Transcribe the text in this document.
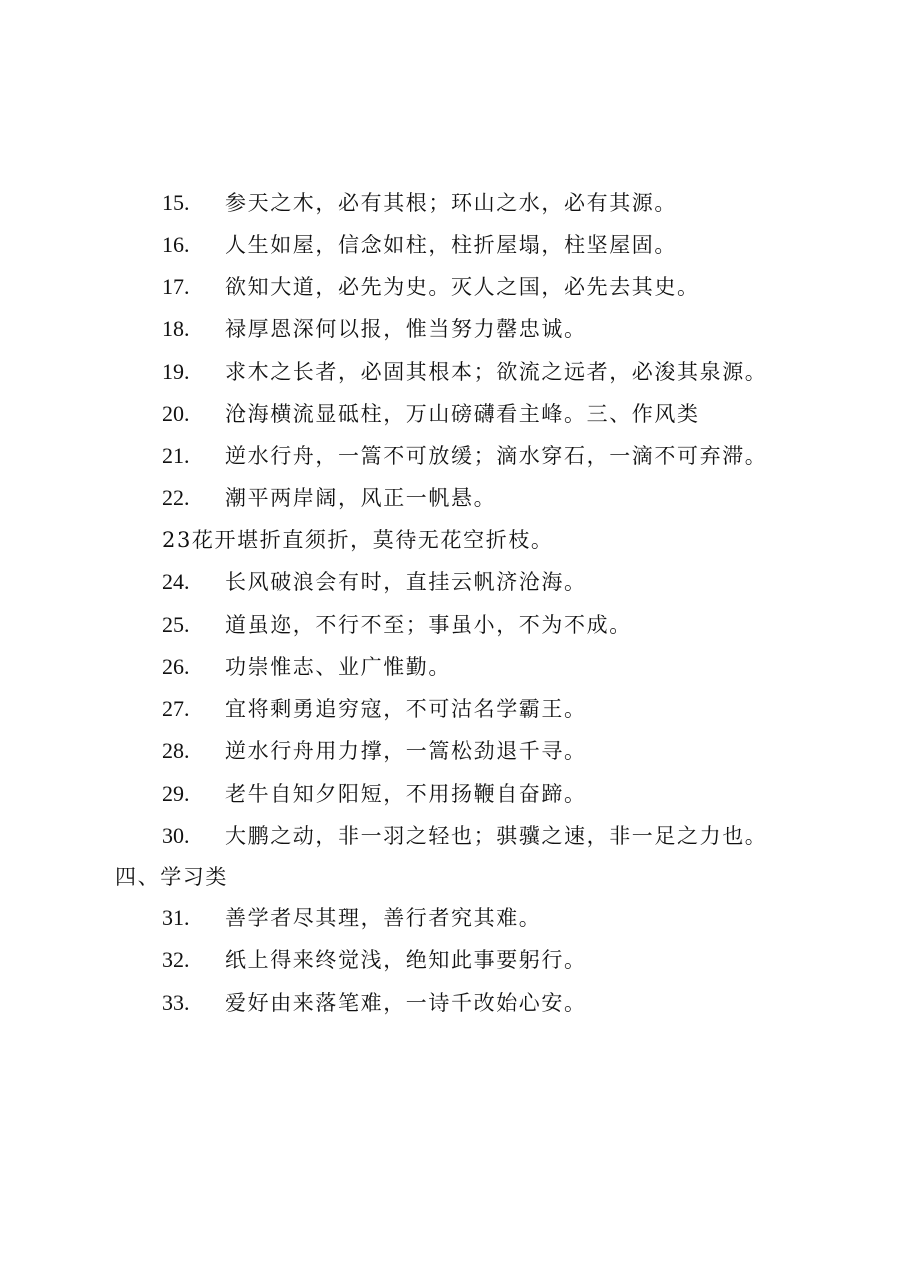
15. 参天之木，必有其根；环山之水，必有其源。
16. 人生如屋，信念如柱，柱折屋塌，柱坚屋固。
17. 欲知大道，必先为史。灭人之国，必先去其史。
18. 禄厚恩深何以报，惟当努力罄忠诚。
19. 求木之长者，必固其根本；欲流之远者，必浚其泉源。
20. 沧海横流显砥柱，万山磅礴看主峰。三、作风类
21. 逆水行舟，一篙不可放缓；滴水穿石，一滴不可弃滞。
22. 潮平两岸阔，风正一帆悬。
23花开堪折直须折，莫待无花空折枝。
24. 长风破浪会有时，直挂云帆济沧海。
25. 道虽迩，不行不至；事虽小，不为不成。
26. 功崇惟志、业广惟勤。
27. 宜将剩勇追穷寇，不可沽名学霸王。
28. 逆水行舟用力撑，一篙松劲退千寻。
29. 老牛自知夕阳短，不用扬鞭自奋蹄。
30. 大鹏之动，非一羽之轻也；骐骥之速，非一足之力也。
四、学习类
31. 善学者尽其理，善行者究其难。
32. 纸上得来终觉浅，绝知此事要躬行。
33. 爱好由来落笔难，一诗千改始心安。
